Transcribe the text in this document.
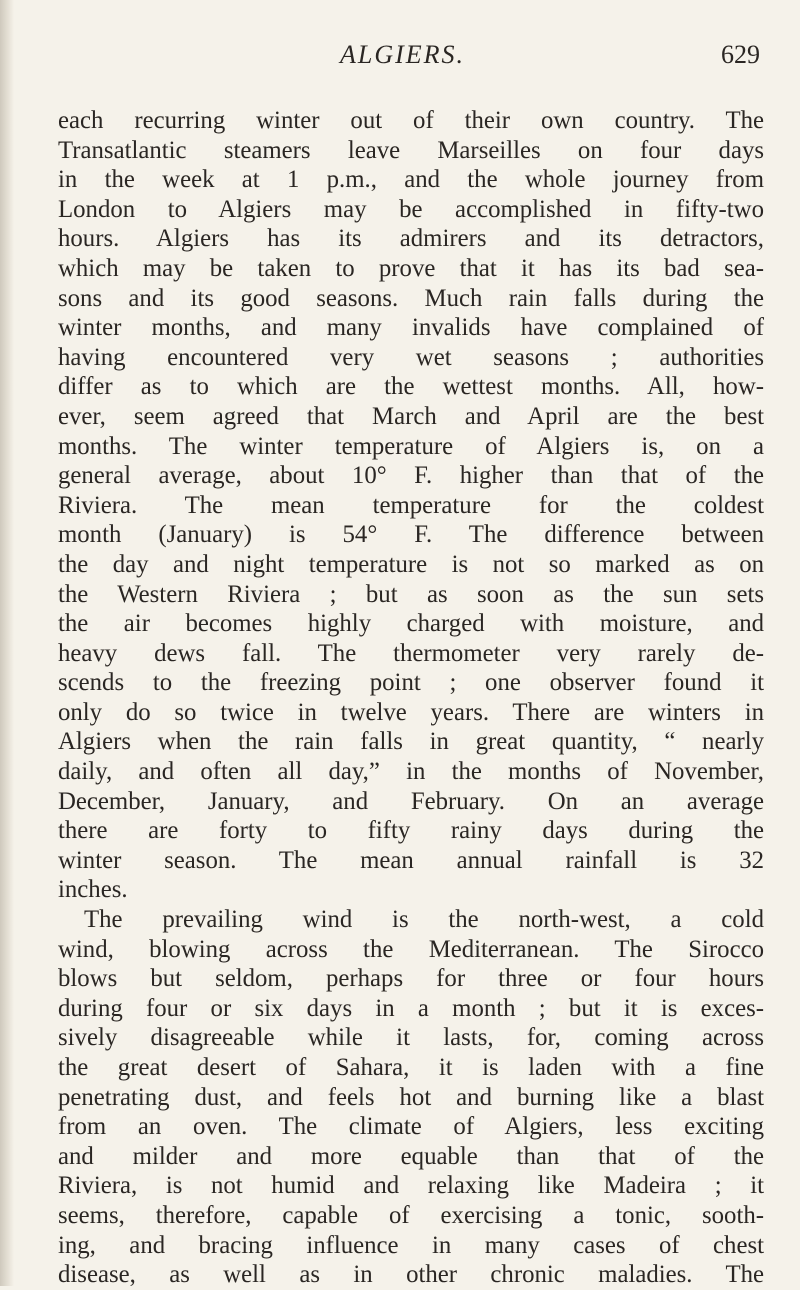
ALGIERS.	629
each recurring winter out of their own country. The
Transatlantic steamers leave Marseilles on four days
in the week at 1 p.m., and the whole journey from
London to Algiers may be accomplished in fifty-two
hours. Algiers has its admirers and its detractors,
which may be taken to prove that it has its bad sea-
sons and its good seasons. Much rain falls during the
winter months, and many invalids have complained of
having encountered very wet seasons ; authorities
differ as to which are the wettest months. All, how-
ever, seem agreed that March and April are the best
months. The winter temperature of Algiers is, on a
general average, about 10° F. higher than that of the
Riviera. The mean temperature for the coldest
month (January) is 54° F. The difference between
the day and night temperature is not so marked as on
the Western Riviera ; but as soon as the sun sets
the air becomes highly charged with moisture, and
heavy dews fall. The thermometer very rarely de-
scends to the freezing point ; one observer found it
only do so twice in twelve years. There are winters in
Algiers when the rain falls in great quantity, “ nearly
daily, and often all day,” in the months of November,
December, January, and February. On an average
there are forty to fifty rainy days during the
winter season. The mean annual rainfall is 32
inches.
The prevailing wind is the north-west, a cold
wind, blowing across the Mediterranean. The Sirocco
blows but seldom, perhaps for three or four hours
during four or six days in a month ; but it is exces-
sively disagreeable while it lasts, for, coming across
the great desert of Sahara, it is laden with a fine
penetrating dust, and feels hot and burning like a blast
from an oven. The climate of Algiers, less exciting
and milder and more equable than that of the
Riviera, is not humid and relaxing like Madeira ; it
seems, therefore, capable of exercising a tonic, sooth-
ing, and bracing influence in many cases of chest
disease, as well as in other chronic maladies. The
